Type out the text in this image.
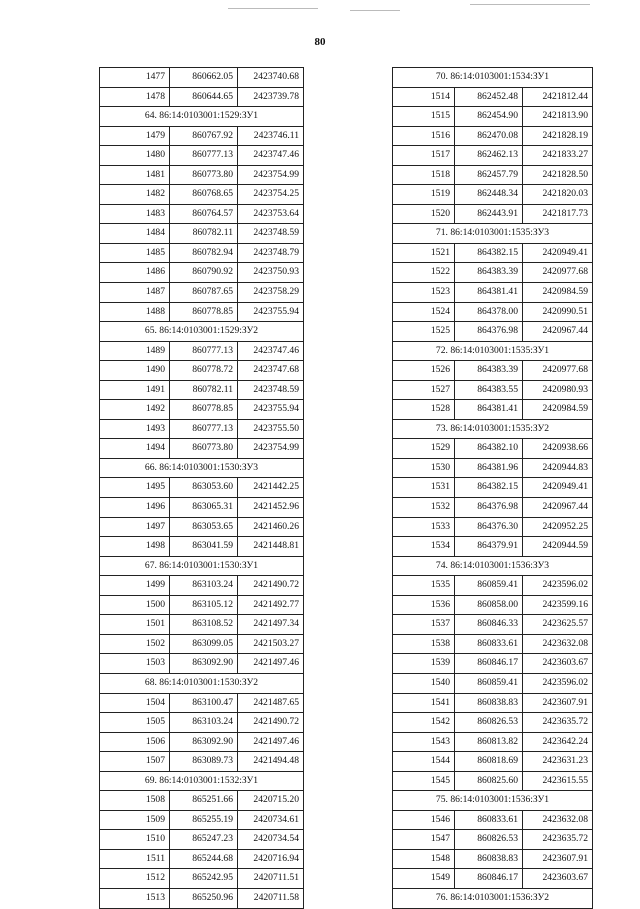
80
1477	860662.05	2423740.68
1478	860644.65	2423739.78
64. 86:14:0103001:1529:ЗУ1		
1479	860767.92	2423746.11
1480	860777.13	2423747.46
1481	860773.80	2423754.99
1482	860768.65	2423754.25
1483	860764.57	2423753.64
1484	860782.11	2423748.59
1485	860782.94	2423748.79
1486	860790.92	2423750.93
1487	860787.65	2423758.29
1488	860778.85	2423755.94
65. 86:14:0103001:1529:ЗУ2		
1489	860777.13	2423747.46
1490	860778.72	2423747.68
1491	860782.11	2423748.59
1492	860778.85	2423755.94
1493	860777.13	2423755.50
1494	860773.80	2423754.99
66. 86:14:0103001:1530:ЗУ3		
1495	863053.60	2421442.25
1496	863065.31	2421452.96
1497	863053.65	2421460.26
1498	863041.59	2421448.81
67. 86:14:0103001:1530:ЗУ1		
1499	863103.24	2421490.72
1500	863105.12	2421492.77
1501	863108.52	2421497.34
1502	863099.05	2421503.27
1503	863092.90	2421497.46
68. 86:14:0103001:1530:ЗУ2		
1504	863100.47	2421487.65
1505	863103.24	2421490.72
1506	863092.90	2421497.46
1507	863089.73	2421494.48
69. 86:14:0103001:1532:ЗУ1		
1508	865251.66	2420715.20
1509	865255.19	2420734.61
1510	865247.23	2420734.54
1511	865244.68	2420716.94
1512	865242.95	2420711.51
1513	865250.96	2420711.58
70. 86:14:0103001:1534:ЗУ1		
1514	862452.48	2421812.44
1515	862454.90	2421813.90
1516	862470.08	2421828.19
1517	862462.13	2421833.27
1518	862457.79	2421828.50
1519	862448.34	2421820.03
1520	862443.91	2421817.73
71. 86:14:0103001:1535:ЗУ3		
1521	864382.15	2420949.41
1522	864383.39	2420977.68
1523	864381.41	2420984.59
1524	864378.00	2420990.51
1525	864376.98	2420967.44
72. 86:14:0103001:1535:ЗУ1		
1526	864383.39	2420977.68
1527	864383.55	2420980.93
1528	864381.41	2420984.59
73. 86:14:0103001:1535:ЗУ2		
1529	864382.10	2420938.66
1530	864381.96	2420944.83
1531	864382.15	2420949.41
1532	864376.98	2420967.44
1533	864376.30	2420952.25
1534	864379.91	2420944.59
74. 86:14:0103001:1536:ЗУ3		
1535	860859.41	2423596.02
1536	860858.00	2423599.16
1537	860846.33	2423625.57
1538	860833.61	2423632.08
1539	860846.17	2423603.67
1540	860859.41	2423596.02
1541	860838.83	2423607.91
1542	860826.53	2423635.72
1543	860813.82	2423642.24
1544	860818.69	2423631.23
1545	860825.60	2423615.55
75. 86:14:0103001:1536:ЗУ1		
1546	860833.61	2423632.08
1547	860826.53	2423635.72
1548	860838.83	2423607.91
1549	860846.17	2423603.67
76. 86:14:0103001:1536:ЗУ2		
